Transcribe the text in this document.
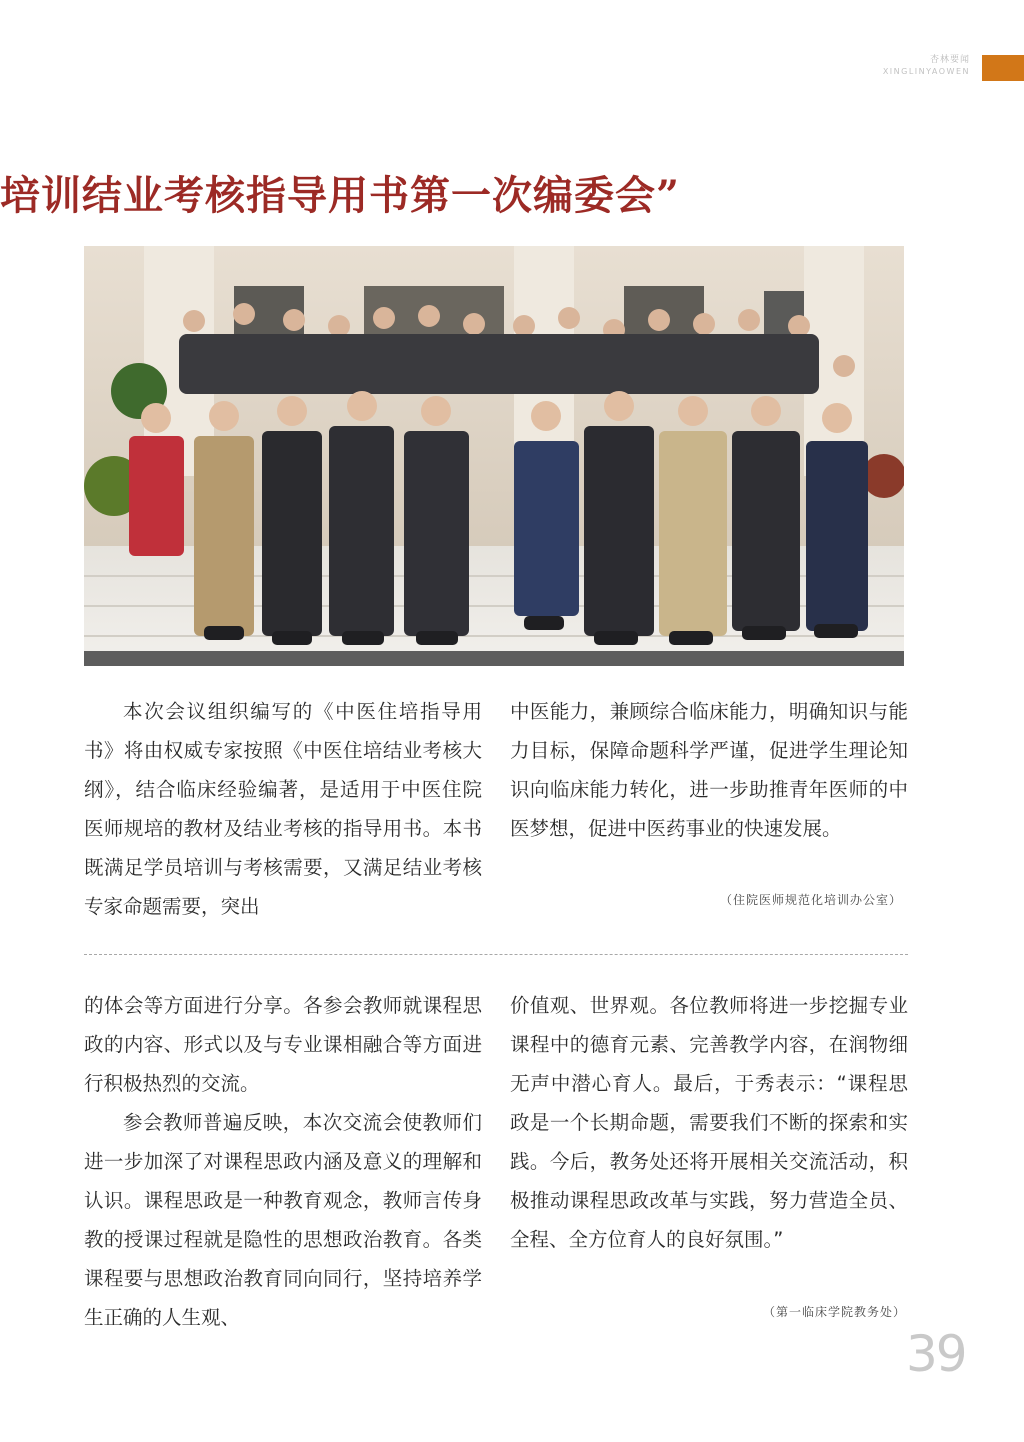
杏林要闻
XINGLINYAOWEN
培训结业考核指导用书第一次编委会”

本次会议组织编写的《中医住培指导用书》将由权威专家按照《中医住培结业考核大纲》，结合临床经验编著，是适用于中医住院医师规培的教材及结业考核的指导用书。本书既满足学员培训与考核需要，又满足结业考核专家命题需要，突出

中医能力，兼顾综合临床能力，明确知识与能力目标，保障命题科学严谨，促进学生理论知识向临床能力转化，进一步助推青年医师的中医梦想，促进中医药事业的快速发展。

（住院医师规范化培训办公室）

的体会等方面进行分享。各参会教师就课程思政的内容、形式以及与专业课相融合等方面进行积极热烈的交流。

参会教师普遍反映，本次交流会使教师们进一步加深了对课程思政内涵及意义的理解和认识。课程思政是一种教育观念，教师言传身教的授课过程就是隐性的思想政治教育。各类课程要与思想政治教育同向同行，坚持培养学生正确的人生观、

价值观、世界观。各位教师将进一步挖掘专业课程中的德育元素、完善教学内容，在润物细无声中潜心育人。最后，于秀表示：“课程思政是一个长期命题，需要我们不断的探索和实践。今后，教务处还将开展相关交流活动，积极推动课程思政改革与实践，努力营造全员、全程、全方位育人的良好氛围。”

（第一临床学院教务处）
39
